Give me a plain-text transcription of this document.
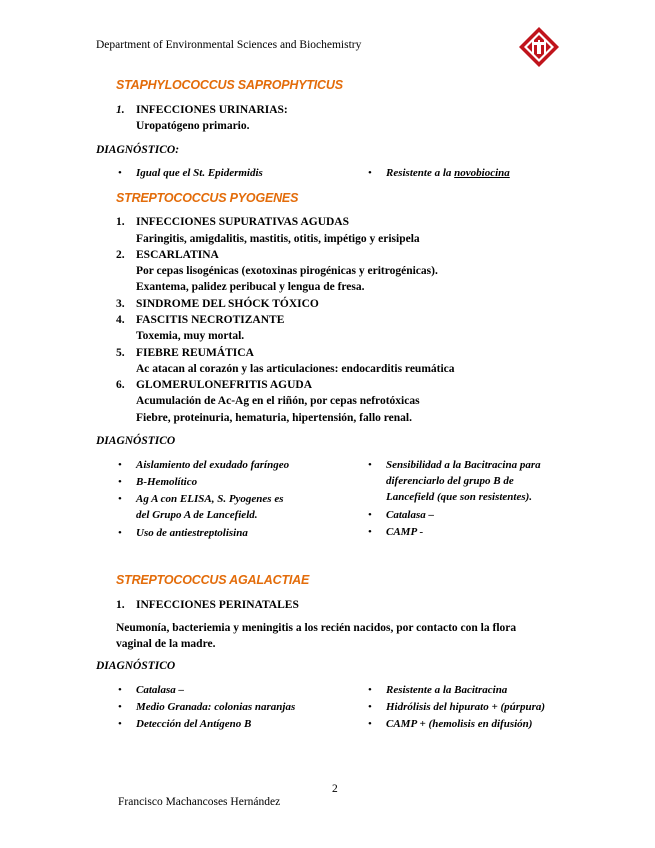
Department of Environmental Sciences and Biochemistry
STAPHYLOCOCCUS SAPROPHYTICUS
1. INFECCIONES URINARIAS:
Uropatógeno primario.
DIAGNÓSTICO:
• Igual que el St. Epidermidis	• Resistente a la novobiocina
STREPTOCOCCUS PYOGENES
1. INFECCIONES SUPURATIVAS AGUDAS
Faringitis, amigdalitis, mastitis, otitis, impétigo y erisipela
2. ESCARLATINA
Por cepas lisogénicas (exotoxinas pirogénicas y eritrogénicas).
Exantema, palidez peribucal y lengua de fresa.
3. SINDROME DEL SHÓCK TÓXICO
4. FASCITIS NECROTIZANTE
Toxemia, muy mortal.
5. FIEBRE REUMÁTICA
Ac atacan al corazón y las articulaciones: endocarditis reumática
6. GLOMERULONEFRITIS AGUDA
Acumulación de Ac-Ag en el riñón, por cepas nefrotóxicas
Fiebre, proteinuria, hematuria, hipertensión, fallo renal.
DIAGNÓSTICO
• Aislamiento del exudado faríngeo
• B-Hemolítico
• Ag A con ELISA, S. Pyogenes es
del Grupo A de Lancefield.
• Uso de antiestreptolisina
• Sensibilidad a la Bacitracina para
diferenciarlo del grupo B de
Lancefield (que son resistentes).
• Catalasa –
• CAMP -
STREPTOCOCCUS AGALACTIAE
1. INFECCIONES PERINATALES
Neumonía, bacteriemia y meningitis a los recién nacidos, por contacto con la flora
vaginal de la madre.
DIAGNÓSTICO
• Catalasa –
• Medio Granada: colonias naranjas
• Detección del Antígeno B
• Resistente a la Bacitracina
• Hidrólisis del hipurato + (púrpura)
• CAMP + (hemolisis en difusión)
2
Francisco Machancoses Hernández
